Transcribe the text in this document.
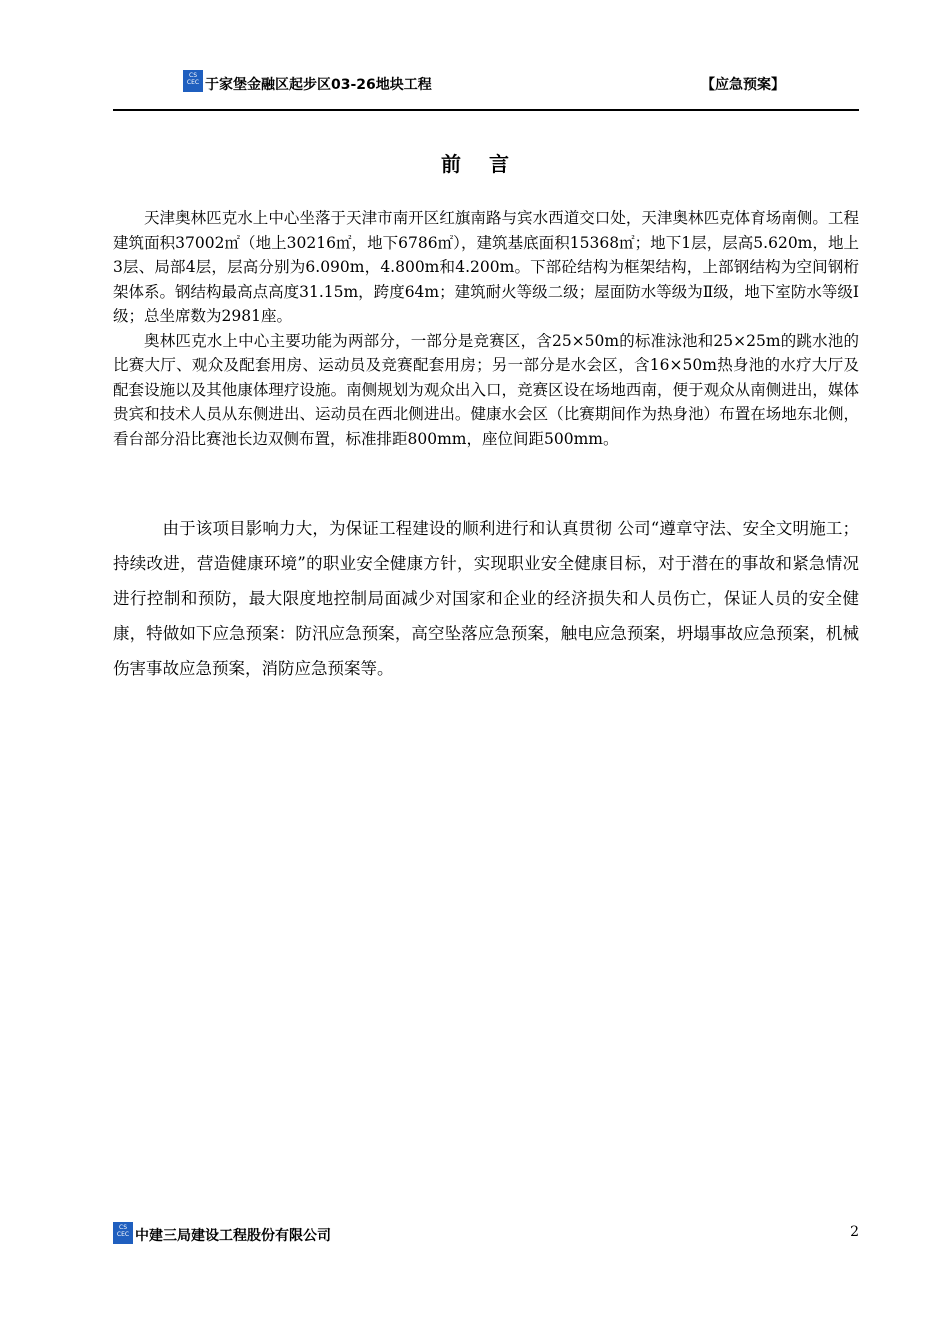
CS
CEC 于家堡金融区起步区03-26地块工程	【应急预案】
前言

天津奥林匹克水上中心坐落于天津市南开区红旗南路与宾水西道交口处，天津奥林匹克体育场南侧。工程建筑面积37002㎡（地上30216㎡，地下6786㎡），建筑基底面积15368㎡；地下1层，层高5.620m，地上3层、局部4层，层高分别为6.090m，4.800m和4.200m。下部砼结构为框架结构，上部钢结构为空间钢桁架体系。钢结构最高点高度31.15m，跨度64m；建筑耐火等级二级；屋面防水等级为Ⅱ级，地下室防水等级Ⅰ级；总坐席数为2981座。

奥林匹克水上中心主要功能为两部分，一部分是竞赛区，含25×50m的标准泳池和25×25m的跳水池的比赛大厅、观众及配套用房、运动员及竞赛配套用房；另一部分是水会区，含16×50m热身池的水疗大厅及配套设施以及其他康体理疗设施。南侧规划为观众出入口，竞赛区设在场地西南，便于观众从南侧进出，媒体贵宾和技术人员从东侧进出、运动员在西北侧进出。健康水会区（比赛期间作为热身池）布置在场地东北侧，看台部分沿比赛池长边双侧布置，标准排距800mm，座位间距500mm。

由于该项目影响力大，为保证工程建设的顺利进行和认真贯彻 公司“遵章守法、安全文明施工；持续改进，营造健康环境”的职业安全健康方针，实现职业安全健康目标，对于潜在的事故和紧急情况进行控制和预防，最大限度地控制局面减少对国家和企业的经济损失和人员伤亡，保证人员的安全健康，特做如下应急预案：防汛应急预案，高空坠落应急预案，触电应急预案，坍塌事故应急预案，机械伤害事故应急预案，消防应急预案等。

CS
CEC 中建三局建设工程股份有限公司	2
